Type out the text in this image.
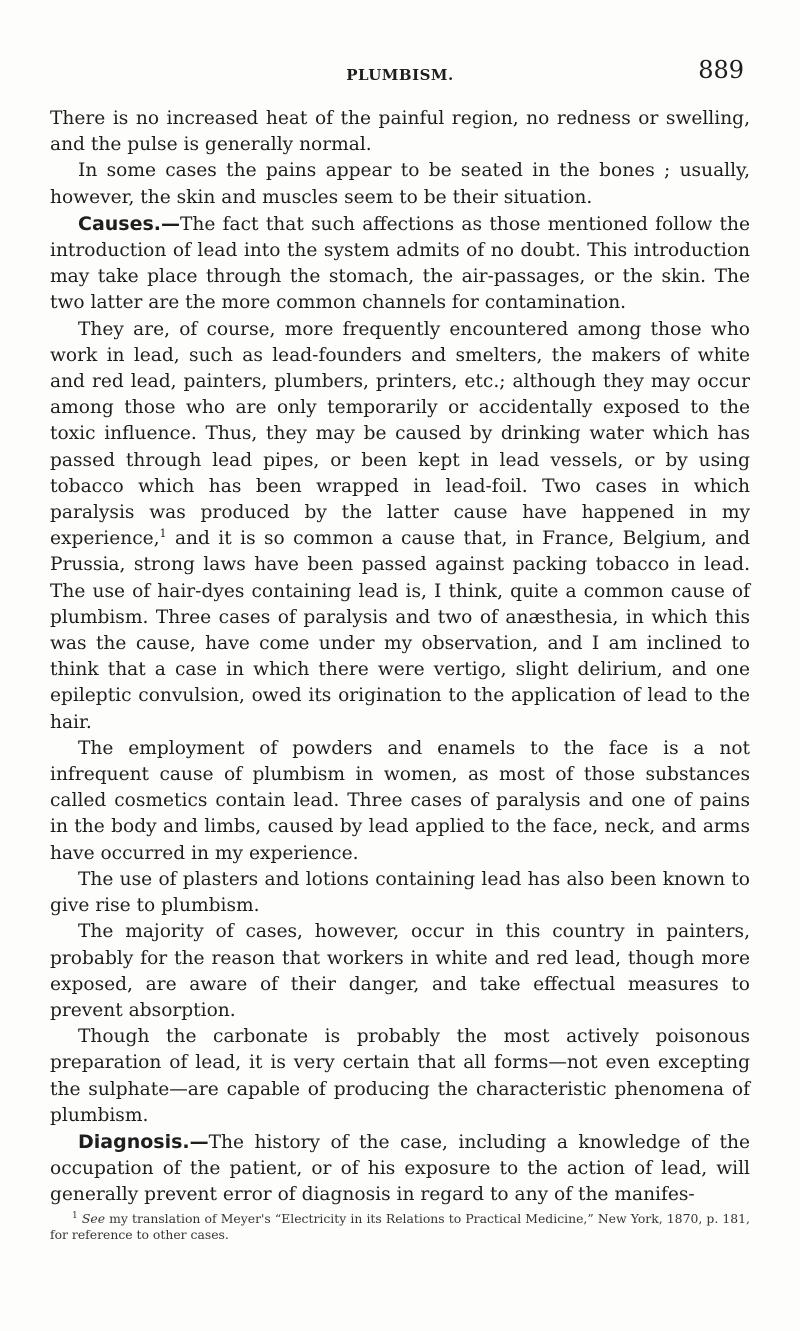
PLUMBISM.	889

There is no increased heat of the painful region, no redness or swelling, and the pulse is generally normal.

In some cases the pains appear to be seated in the bones ; usually, however, the skin and muscles seem to be their situation.

Causes.—The fact that such affections as those mentioned follow the introduction of lead into the system admits of no doubt. This introduction may take place through the stomach, the air-passages, or the skin. The two latter are the more common channels for contamination.

They are, of course, more frequently encountered among those who work in lead, such as lead-founders and smelters, the makers of white and red lead, painters, plumbers, printers, etc.; although they may occur among those who are only temporarily or accidentally exposed to the toxic influence. Thus, they may be caused by drinking water which has passed through lead pipes, or been kept in lead vessels, or by using tobacco which has been wrapped in lead-foil. Two cases in which paralysis was produced by the latter cause have happened in my experience,$^1$ and it is so common a cause that, in France, Belgium, and Prussia, strong laws have been passed against packing tobacco in lead. The use of hair-dyes containing lead is, I think, quite a common cause of plumbism. Three cases of paralysis and two of anæsthesia, in which this was the cause, have come under my observation, and I am inclined to think that a case in which there were vertigo, slight delirium, and one epileptic convulsion, owed its origination to the application of lead to the hair.

The employment of powders and enamels to the face is a not infrequent cause of plumbism in women, as most of those substances called cosmetics contain lead. Three cases of paralysis and one of pains in the body and limbs, caused by lead applied to the face, neck, and arms have occurred in my experience.

The use of plasters and lotions containing lead has also been known to give rise to plumbism.

The majority of cases, however, occur in this country in painters, probably for the reason that workers in white and red lead, though more exposed, are aware of their danger, and take effectual measures to prevent absorption.

Though the carbonate is probably the most actively poisonous preparation of lead, it is very certain that all forms—not even excepting the sulphate—are capable of producing the characteristic phenomena of plumbism.

Diagnosis.—The history of the case, including a knowledge of the occupation of the patient, or of his exposure to the action of lead, will generally prevent error of diagnosis in regard to any of the manifes-

$^1$ See my translation of Meyer's “Electricity in its Relations to Practical Medicine,” New York, 1870, p. 181, for reference to other cases.
